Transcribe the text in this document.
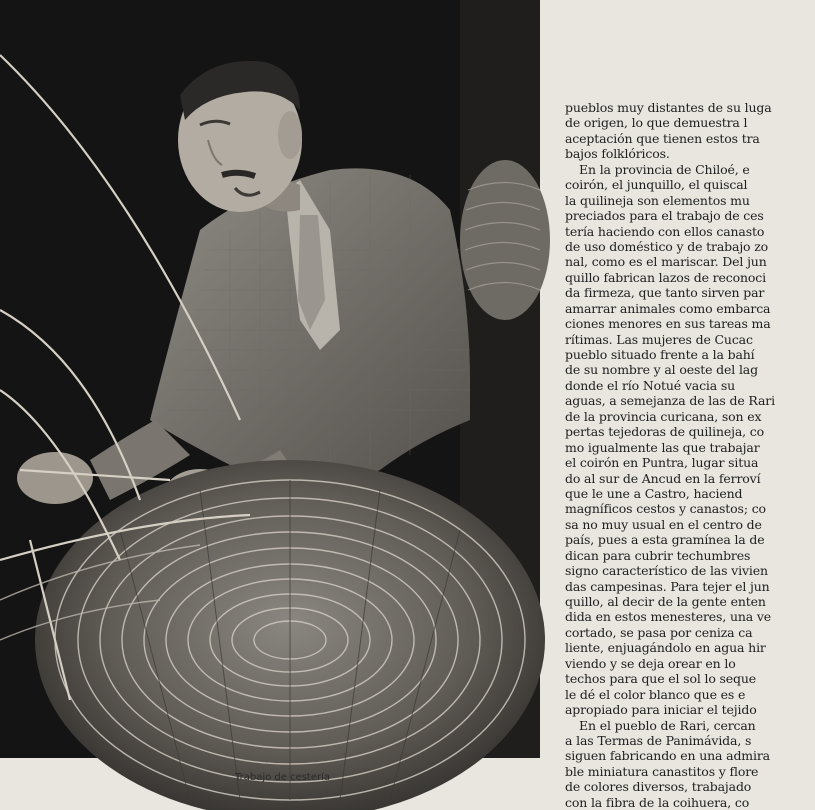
Trabajo de cestería
pueblos muy distantes de su luga
de origen, lo que demuestra l
aceptación que tienen estos tra
bajos folklóricos.
En la provincia de Chiloé, e
coirón, el junquillo, el quiscal
la quilineja son elementos mu
preciados para el trabajo de ces
tería haciendo con ellos canasto
de uso doméstico y de trabajo zo
nal, como es el mariscar. Del jun
quillo fabrican lazos de reconoci
da firmeza, que tanto sirven par
amarrar animales como embarca
ciones menores en sus tareas ma
rítimas. Las mujeres de Cucac
pueblo situado frente a la bahí
de su nombre y al oeste del lag
donde el río Notué vacia su
aguas, a semejanza de las de Rari
de la provincia curicana, son ex
pertas tejedoras de quilineja, co
mo igualmente las que trabajar
el coirón en Puntra, lugar situa
do al sur de Ancud en la ferroví
que le une a Castro, haciend
magníficos cestos y canastos; co
sa no muy usual en el centro de
país, pues a esta gramínea la de
dican para cubrir techumbres
signo característico de las vivien
das campesinas. Para tejer el jun
quillo, al decir de la gente enten
dida en estos menesteres, una ve
cortado, se pasa por ceniza ca
liente, enjuagándolo en agua hir
viendo y se deja orear en lo
techos para que el sol lo seque
le dé el color blanco que es e
apropiado para iniciar el tejido
En el pueblo de Rari, cercan
a las Termas de Panimávida, s
siguen fabricando en una admira
ble miniatura canastitos y flore
de colores diversos, trabajado
con la fibra de la coihuera, co
